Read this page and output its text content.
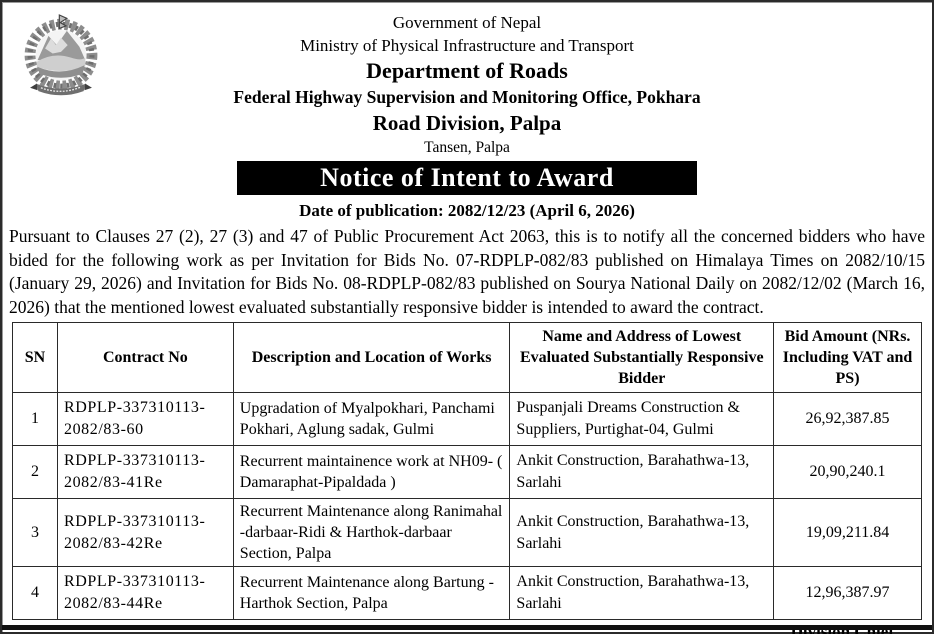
Government of Nepal
Ministry of Physical Infrastructure and Transport
Department of Roads
Federal Highway Supervision and Monitoring Office, Pokhara
Road Division, Palpa
Tansen, Palpa
Notice of Intent to Award
Date of publication: 2082/12/23 (April 6, 2026)

Pursuant to Clauses 27 (2), 27 (3) and 47 of Public Procurement Act 2063, this is to notify all the concerned bidders who have bided for the following work as per Invitation for Bids No. 07-RDPLP-082/83 published on Himalaya Times on 2082/10/15 (January 29, 2026) and Invitation for Bids No. 08-RDPLP-082/83 published on Sourya National Daily on 2082/12/02 (March 16, 2026) that the mentioned lowest evaluated substantially responsive bidder is intended to award the contract.

SN	Contract No	Description and Location of Works	Name and Address of Lowest Evaluated Substantially Responsive Bidder	Bid Amount (NRs. Including VAT and PS)
1	RDPLP-337310113-2082/83-60	Upgradation of Myalpokhari, Panchami Pokhari, Aglung sadak, Gulmi	Puspanjali Dreams Construction & Suppliers, Purtighat-04, Gulmi	26,92,387.85
2	RDPLP-337310113-2082/83-41Re	Recurrent maintainence work at NH09- ( Damaraphat-Pipaldada )	Ankit Construction, Barahathwa-13, Sarlahi	20,90,240.1
3	RDPLP-337310113-2082/83-42Re	Recurrent Maintenance along Ranimahal -darbaar-Ridi & Harthok-darbaar Section, Palpa	Ankit Construction, Barahathwa-13, Sarlahi	19,09,211.84
4	RDPLP-337310113-2082/83-44Re	Recurrent Maintenance along Bartung -Harthok Section, Palpa	Ankit Construction, Barahathwa-13, Sarlahi	12,96,387.97
